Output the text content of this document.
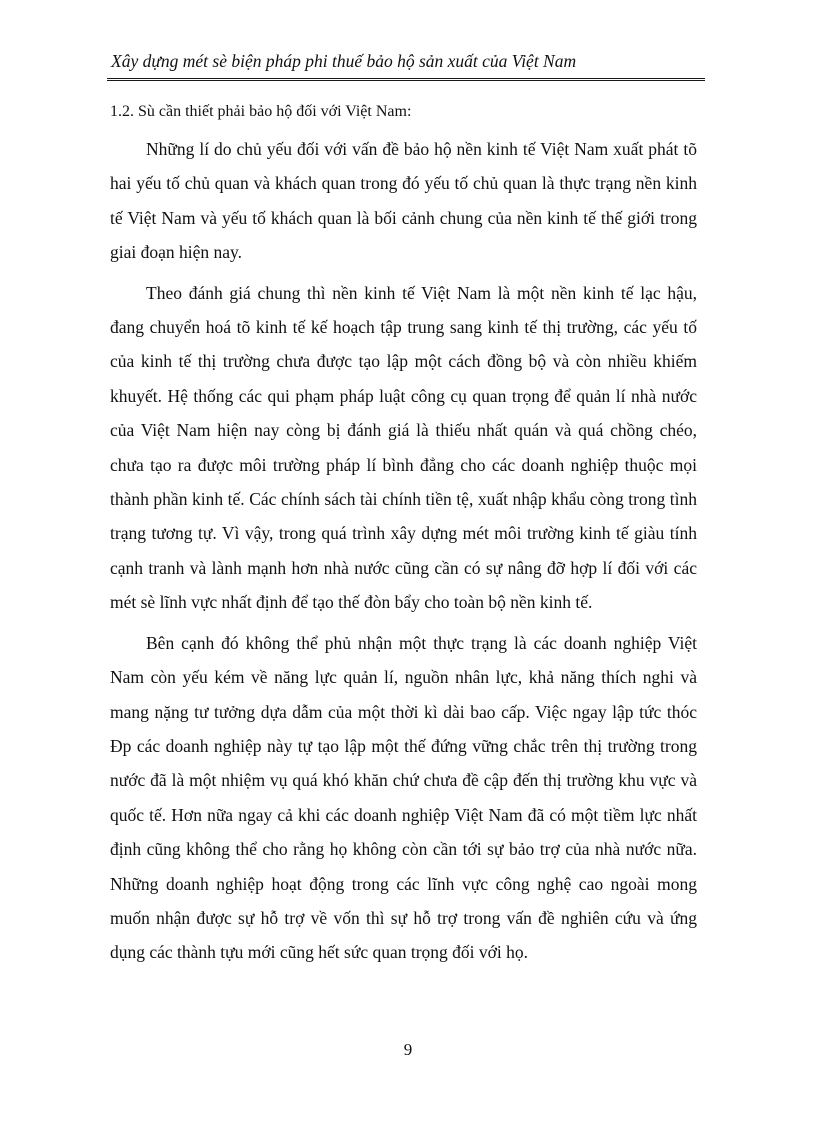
Xây dựng mét sè biện pháp phi thuế bảo hộ sản xuất của Việt Nam
1.2. Sù cần thiết phải bảo hộ đối với Việt Nam:

Những lí do chủ yếu đối với vấn đề bảo hộ nền kinh tế Việt Nam xuất phát tõ hai yếu tố chủ quan và khách quan trong đó yếu tố chủ quan là thực trạng nền kinh tế Việt Nam và yếu tố khách quan là bối cảnh chung của nền kinh tế thế giới trong giai đoạn hiện nay.

Theo đánh giá chung thì nền kinh tế Việt Nam là một nền kinh tế lạc hậu, đang chuyển hoá tõ kinh tế kế hoạch tập trung sang kinh tế thị trường, các yếu tố của kinh tế thị trường chưa được tạo lập một cách đồng bộ và còn nhiều khiếm khuyết. Hệ thống các qui phạm pháp luật công cụ quan trọng để quản lí nhà nước của Việt Nam hiện nay còng bị đánh giá là thiếu nhất quán và quá chồng chéo, chưa tạo ra được môi trường pháp lí bình đẳng cho các doanh nghiệp thuộc mọi thành phần kinh tế. Các chính sách tài chính tiền tệ, xuất nhập khẩu còng trong tình trạng tương tự. Vì vậy, trong quá trình xây dựng mét môi trường kinh tế giàu tính cạnh tranh và lành mạnh hơn nhà nước cũng cần có sự nâng đỡ hợp lí đối với các mét sè lĩnh vực nhất định để tạo thế đòn bẩy cho toàn bộ nền kinh tế.

Bên cạnh đó không thể phủ nhận một thực trạng là các doanh nghiệp Việt Nam còn yếu kém về năng lực quản lí, nguồn nhân lực, khả năng thích nghi và mang nặng tư tưởng dựa dẫm của một thời kì dài bao cấp. Việc ngay lập tức thóc Đp các doanh nghiệp này tự tạo lập một thế đứng vững chắc trên thị trường trong nước đã là một nhiệm vụ quá khó khăn chứ chưa đề cập đến thị trường khu vực và quốc tế. Hơn nữa ngay cả khi các doanh nghiệp Việt Nam đã có một tiềm lực nhất định cũng không thể cho rằng họ không còn cần tới sự bảo trợ của nhà nước nữa. Những doanh nghiệp hoạt động trong các lĩnh vực công nghệ cao ngoài mong muốn nhận được sự hỗ trợ về vốn thì sự hỗ trợ trong vấn đề nghiên cứu và ứng dụng các thành tựu mới cũng hết sức quan trọng đối với họ.

9
